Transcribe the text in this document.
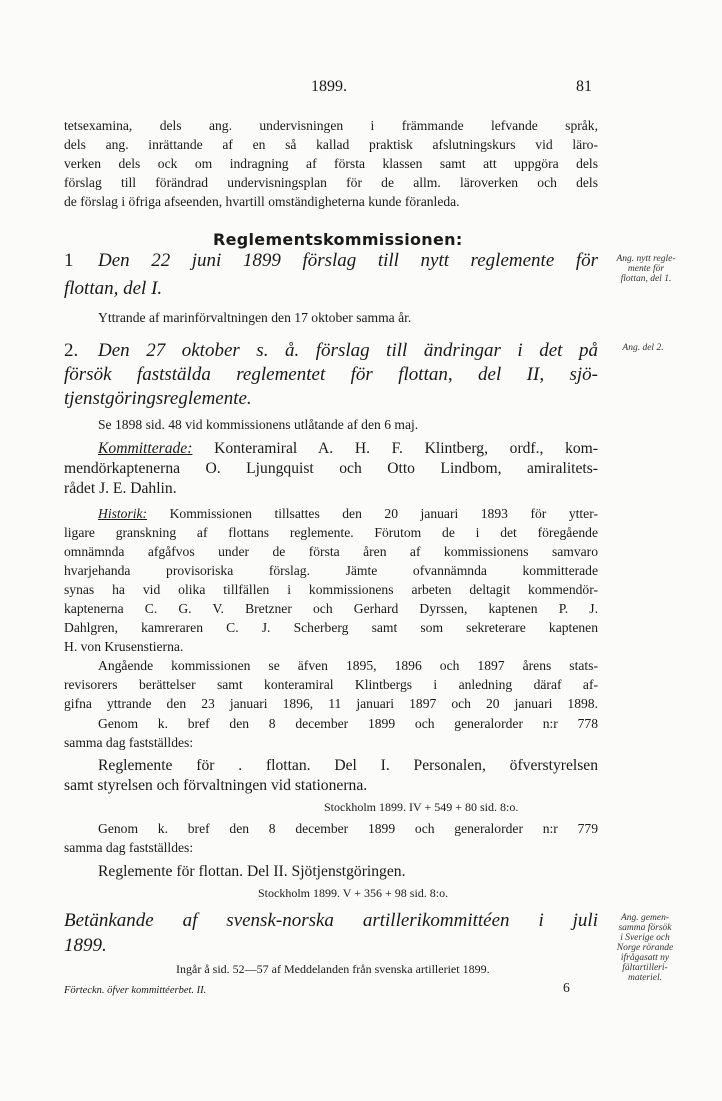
1899.	81
tetsexamina, dels ang. undervisningen i främmande lefvande språk,
dels ang. inrättande af en så kallad praktisk afslutningskurs vid läro-
verken dels ock om indragning af första klassen samt att uppgöra dels
förslag till förändrad undervisningsplan för de allm. läroverken och dels
de förslag i öfriga afseenden, hvartill omständigheterna kunde föranleda.
Reglementskommissionen:
1 Den 22 juni 1899 förslag till nytt reglemente för
flottan, del I.
Yttrande af marinförvaltningen den 17 oktober samma år.
Ang. nytt regle-
mente för
flottan, del 1.
2. Den 27 oktober s. å. förslag till ändringar i det på
försök faststälda reglementet för flottan, del II, sjö-
tjenstgöringsreglemente.
Ang. del 2.
Se 1898 sid. 48 vid kommissionens utlåtande af den 6 maj.
Kommitterade: Konteramiral A. H. F. Klintberg, ordf., kom-
mendörkaptenerna O. Ljungquist och Otto Lindbom, amiralitets-
rådet J. E. Dahlin.
Historik: Kommissionen tillsattes den 20 januari 1893 för ytter-
ligare granskning af flottans reglemente. Förutom de i det föregående
omnämnda afgåfvos under de första åren af kommissionens samvaro
hvarjehanda provisoriska förslag. Jämte ofvannämnda kommitterade
synas ha vid olika tillfällen i kommissionens arbeten deltagit kommendör-
kaptenerna C. G. V. Bretzner och Gerhard Dyrssen, kaptenen P. J.
Dahlgren, kamreraren C. J. Scherberg samt som sekreterare kaptenen
H. von Krusenstierna.
Angående kommissionen se äfven 1895, 1896 och 1897 årens stats-
revisorers berättelser samt konteramiral Klintbergs i anledning däraf af-
gifna yttrande den 23 januari 1896, 11 januari 1897 och 20 januari 1898.
Genom k. bref den 8 december 1899 och generalorder n:r 778
samma dag fastställdes:
Reglemente för . flottan. Del I. Personalen, öfverstyrelsen
samt styrelsen och förvaltningen vid stationerna.
Stockholm 1899. IV + 549 + 80 sid. 8:o.
Genom k. bref den 8 december 1899 och generalorder n:r 779
samma dag fastställdes:
Reglemente för flottan. Del II. Sjötjenstgöringen.
Stockholm 1899. V + 356 + 98 sid. 8:o.
Betänkande af svensk-norska artillerikommittéen i juli
1899.
Ingår å sid. 52—57 af Meddelanden från svenska artilleriet 1899.
Ang. gemen-
samma försök
i Sverige och
Norge rörande
ifrågasatt ny
fältartilleri-
materiel.
Förteckn. öfver kommittéerbet. II.	6
